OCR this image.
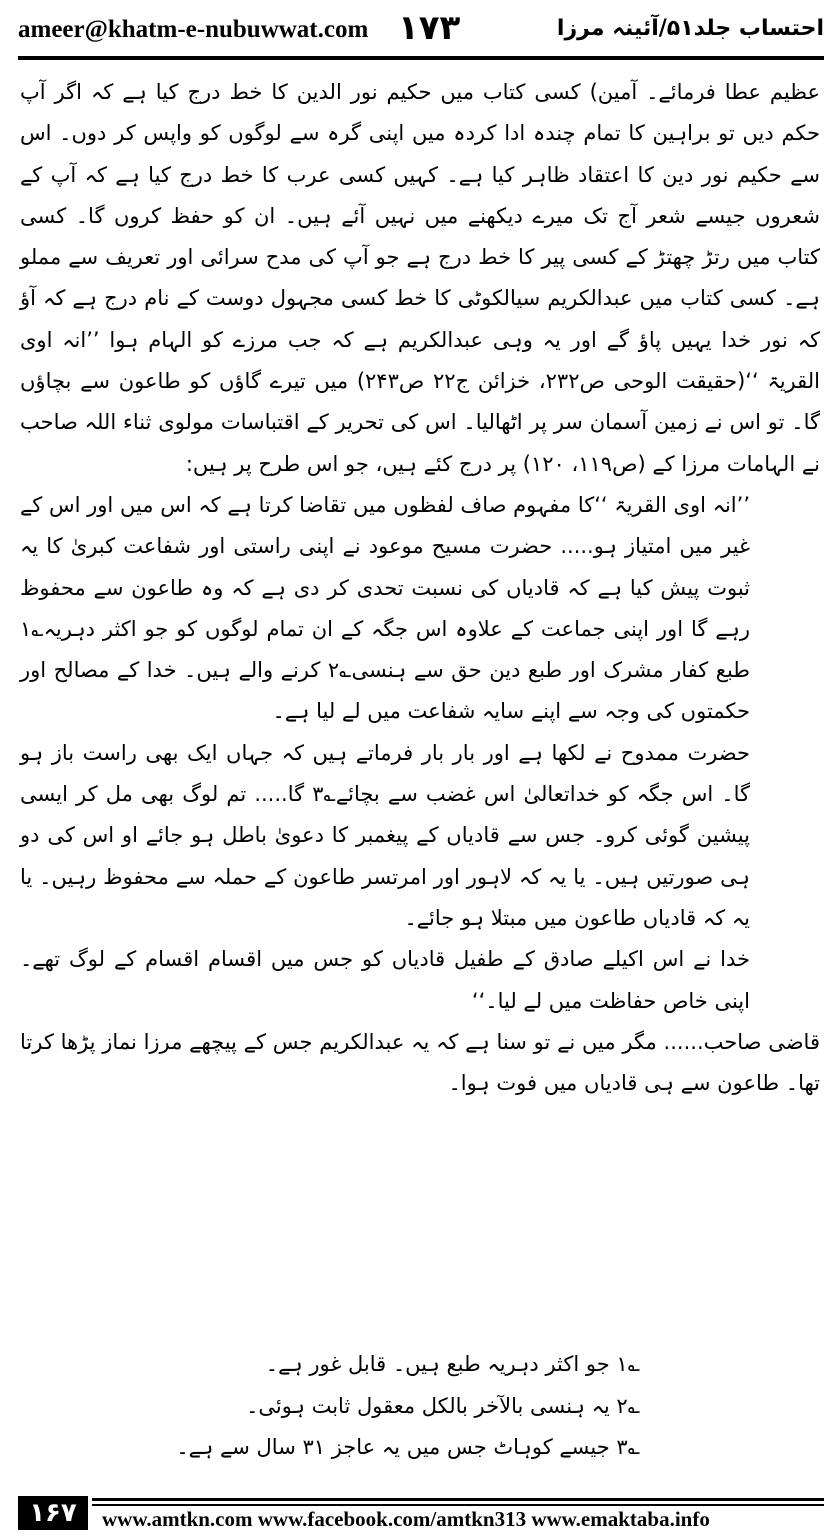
ameer@khatm-e-nubuwwat.com ۱۷۳	احتساب جلد۵۱/آئینہ مرزا

عظیم عطا فرمائے۔ آمین) کسی کتاب میں حکیم نور الدین کا خط درج کیا ہے کہ اگر آپ حکم دیں تو براہین کا تمام چندہ ادا کردہ میں اپنی گرہ سے لوگوں کو واپس کر دوں۔ اس سے حکیم نور دین کا اعتقاد ظاہر کیا ہے۔ کہیں کسی عرب کا خط درج کیا ہے کہ آپ کے شعروں جیسے شعر آج تک میرے دیکھنے میں نہیں آئے ہیں۔ ان کو حفظ کروں گا۔ کسی کتاب میں رتڑ چھتڑ کے کسی پیر کا خط درج ہے جو آپ کی مدح سرائی اور تعریف سے مملو ہے۔ کسی کتاب میں عبدالکریم سیالکوٹی کا خط کسی مجہول دوست کے نام درج ہے کہ آؤ کہ نور خدا یہیں پاؤ گے اور یہ وہی عبدالکریم ہے کہ جب مرزے کو الہام ہوا ’’انہ اوی القریۃ ‘‘(حقیقت الوحی ص۲۳۲، خزائن ج۲۲ ص۲۴۳) میں تیرے گاؤں کو طاعون سے بچاؤں گا۔ تو اس نے زمین آسمان سر پر اٹھالیا۔ اس کی تحریر کے اقتباسات مولوی ثناء اللہ صاحب نے الہامات مرزا کے (ص۱۱۹، ۱۲۰) پر درج کئے ہیں، جو اس طرح پر ہیں:

’’انہ اوی القریۃ ‘‘کا مفہوم صاف لفظوں میں تقاضا کرتا ہے کہ اس میں اور اس کے غیر میں امتیاز ہو..... حضرت مسیح موعود نے اپنی راستی اور شفاعت کبریٰ کا یہ ثبوت پیش کیا ہے کہ قادیاں کی نسبت تحدی کر دی ہے کہ وہ طاعون سے محفوظ رہے گا اور اپنی جماعت کے علاوہ اس جگہ کے ان تمام لوگوں کو جو اکثر دہریہ؎۱ طبع کفار مشرک اور طبع دین حق سے ہنسی؎۲ کرنے والے ہیں۔ خدا کے مصالح اور حکمتوں کی وجہ سے اپنے سایہ شفاعت میں لے لیا ہے۔

حضرت ممدوح نے لکھا ہے اور بار بار فرماتے ہیں کہ جہاں ایک بھی راست باز ہو گا۔ اس جگہ کو خداتعالیٰ اس غضب سے بچائے؎۳ گا..... تم لوگ بھی مل کر ایسی پیشین گوئی کرو۔ جس سے قادیاں کے پیغمبر کا دعویٰ باطل ہو جائے او اس کی دو ہی صورتیں ہیں۔ یا یہ کہ لاہور اور امرتسر طاعون کے حملہ سے محفوظ رہیں۔ یا یہ کہ قادیاں طاعون میں مبتلا ہو جائے۔

خدا نے اس اکیلے صادق کے طفیل قادیاں کو جس میں اقسام اقسام کے لوگ تھے۔ اپنی خاص حفاظت میں لے لیا۔‘‘

قاضی صاحب...... مگر میں نے تو سنا ہے کہ یہ عبدالکریم جس کے پیچھے مرزا نماز پڑھا کرتا تھا۔ طاعون سے ہی قادیاں میں فوت ہوا۔

؎۱ جو اکثر دہریہ طبع ہیں۔ قابل غور ہے۔

؎۲ یہ ہنسی بالآخر بالکل معقول ثابت ہوئی۔

؎۳ جیسے کوہاٹ جس میں یہ عاجز ۳۱ سال سے ہے۔

۱۶۷	www.amtkn.com www.facebook.com/amtkn313 www.emaktaba.info
